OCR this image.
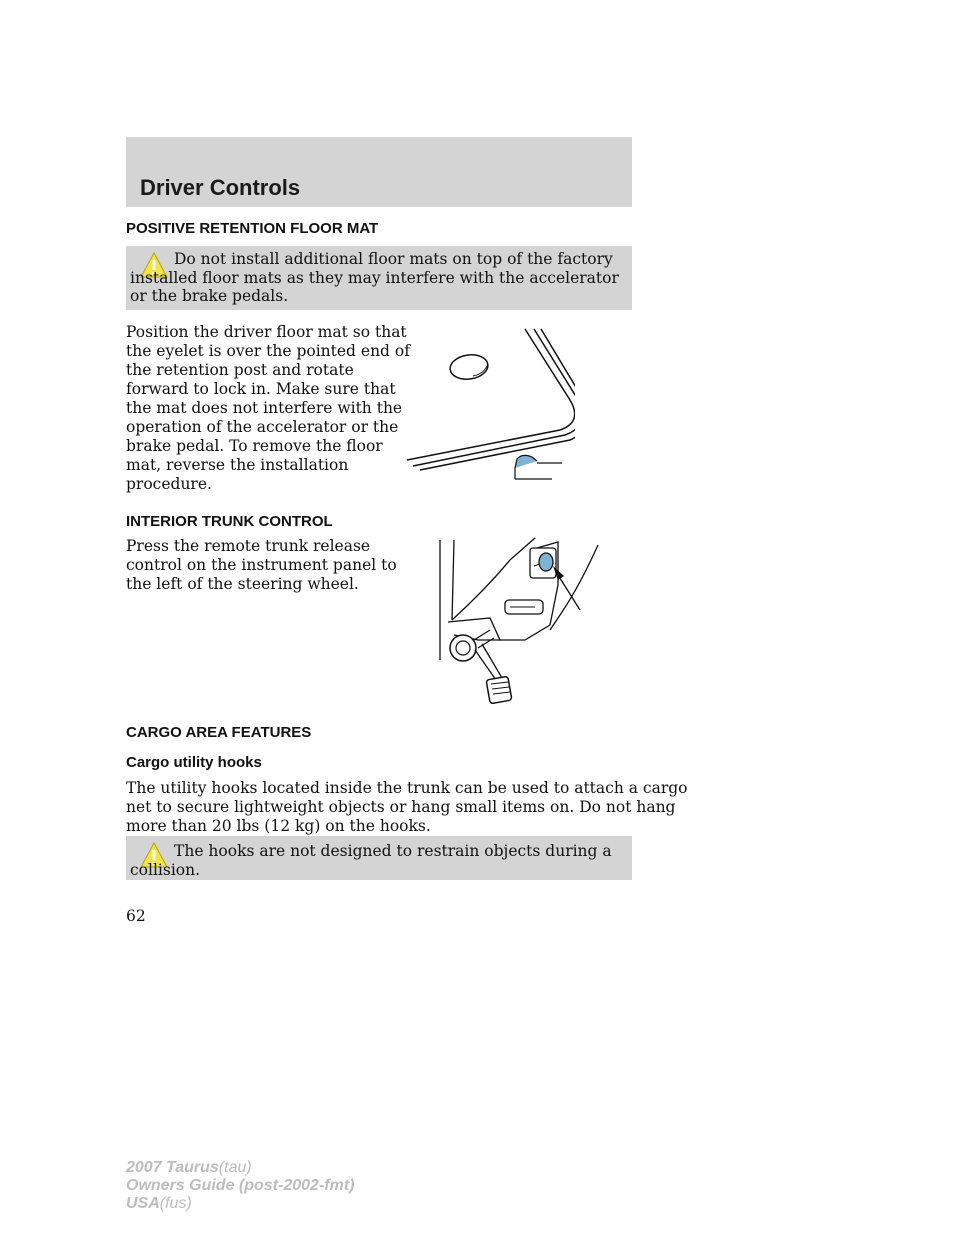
Driver Controls
POSITIVE RETENTION FLOOR MAT
Do not install additional floor mats on top of the factory installed floor mats as they may interfere with the accelerator or the brake pedals.
Position the driver floor mat so that
the eyelet is over the pointed end of
the retention post and rotate
forward to lock in. Make sure that
the mat does not interfere with the
operation of the accelerator or the
brake pedal. To remove the floor
mat, reverse the installation
procedure.
INTERIOR TRUNK CONTROL
Press the remote trunk release
control on the instrument panel to
the left of the steering wheel.
CARGO AREA FEATURES
Cargo utility hooks
The utility hooks located inside the trunk can be used to attach a cargo
net to secure lightweight objects or hang small items on. Do not hang
more than 20 lbs (12 kg) on the hooks.
The hooks are not designed to restrain objects during a collision.
62
2007 Taurus(tau)
Owners Guide (post-2002-fmt)
USA(fus)
